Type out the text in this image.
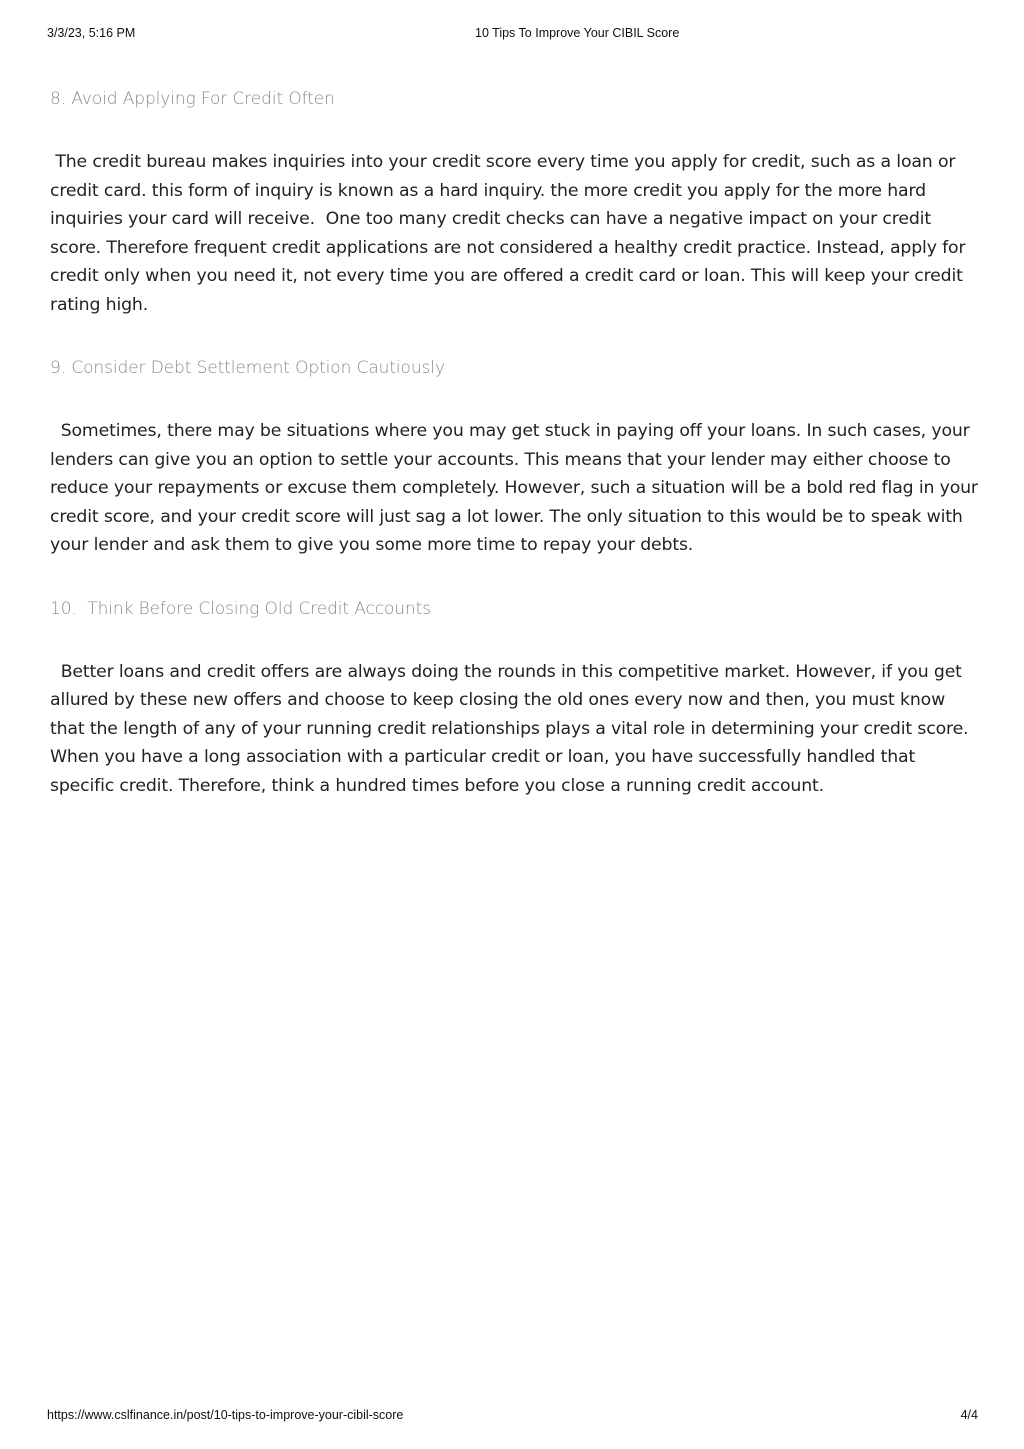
3/3/23, 5:16 PM	10 Tips To Improve Your CIBIL Score
8. Avoid Applying For Credit Often

The credit bureau makes inquiries into your credit score every time you apply for credit, such as a loan or credit card. this form of inquiry is known as a hard inquiry. the more credit you apply for the more hard inquiries your card will receive.  One too many credit checks can have a negative impact on your credit score. Therefore frequent credit applications are not considered a healthy credit practice. Instead, apply for credit only when you need it, not every time you are offered a credit card or loan. This will keep your credit rating high.

9. Consider Debt Settlement Option Cautiously

Sometimes, there may be situations where you may get stuck in paying off your loans. In such cases, your lenders can give you an option to settle your accounts. This means that your lender may either choose to reduce your repayments or excuse them completely. However, such a situation will be a bold red flag in your credit score, and your credit score will just sag a lot lower. The only situation to this would be to speak with your lender and ask them to give you some more time to repay your debts.

10.  Think Before Closing Old Credit Accounts

Better loans and credit offers are always doing the rounds in this competitive market. However, if you get allured by these new offers and choose to keep closing the old ones every now and then, you must know that the length of any of your running credit relationships plays a vital role in determining your credit score. When you have a long association with a particular credit or loan, you have successfully handled that specific credit. Therefore, think a hundred times before you close a running credit account.

https://www.cslfinance.in/post/10-tips-to-improve-your-cibil-score	4/4
